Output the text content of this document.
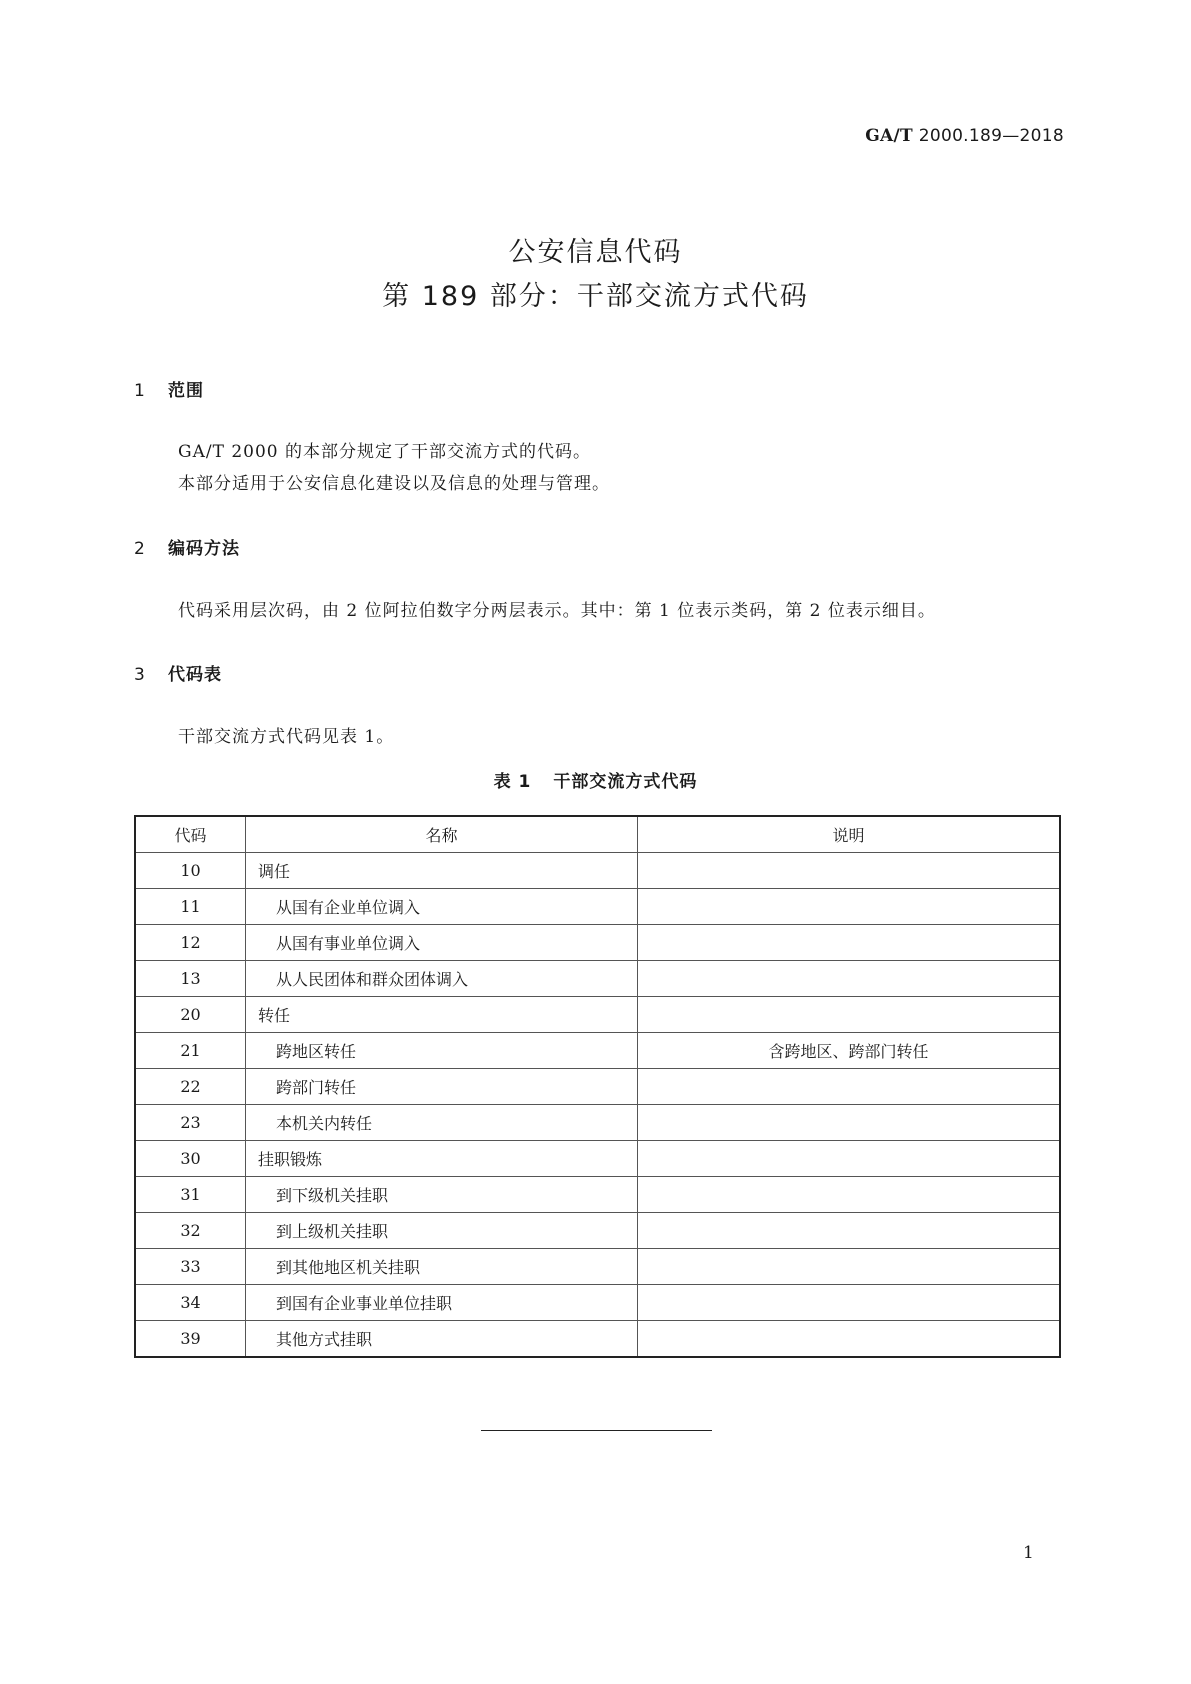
GA/T 2000.189—2018
公安信息代码
第 189 部分：干部交流方式代码
1 范围
GA/T 2000 的本部分规定了干部交流方式的代码。
本部分适用于公安信息化建设以及信息的处理与管理。
2 编码方法
代码采用层次码，由 2 位阿拉伯数字分两层表示。其中：第 1 位表示类码，第 2 位表示细目。
3 代码表
干部交流方式代码见表 1。
表 1 干部交流方式代码
代码	名称	说明
10	调任	
11	从国有企业单位调入	
12	从国有事业单位调入	
13	从人民团体和群众团体调入	
20	转任	
21	跨地区转任	含跨地区、跨部门转任
22	跨部门转任	
23	本机关内转任	
30	挂职锻炼	
31	到下级机关挂职	
32	到上级机关挂职	
33	到其他地区机关挂职	
34	到国有企业事业单位挂职	
39	其他方式挂职	
1
